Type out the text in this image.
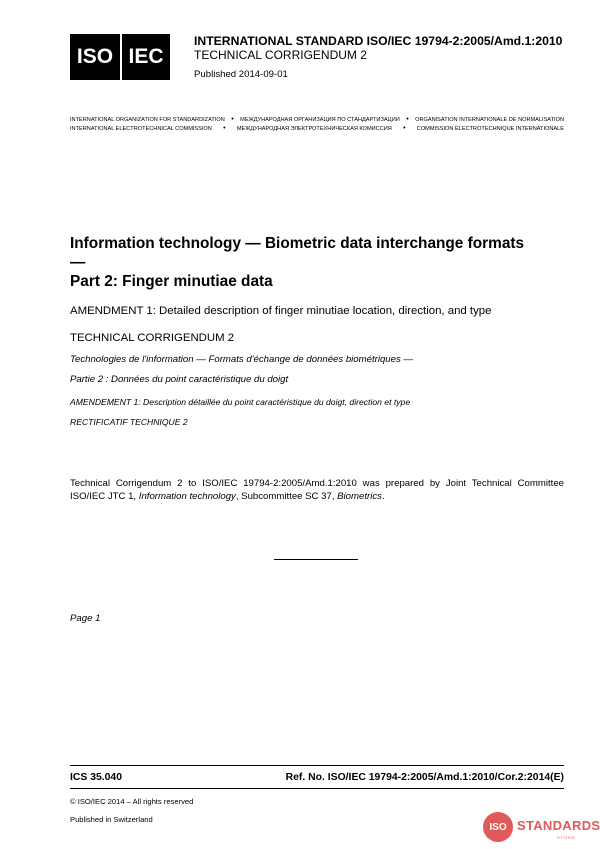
ISO IEC
INTERNATIONAL STANDARD ISO/IEC 19794-2:2005/Amd.1:2010
TECHNICAL CORRIGENDUM 2
Published 2014-09-01
INTERNATIONAL ORGANIZATION FOR STANDARDIZATION • МЕЖДУНАРОДНАЯ ОРГАНИЗАЦИЯ ПО СТАНДАРТИЗАЦИИ • ORGANISATION INTERNATIONALE DE NORMALISATION
INTERNATIONAL ELECTROTECHNICAL COMMISSION • МЕЖДУНАРОДНАЯ ЭЛЕКТРОТЕХНИЧЕСКАЯ КОМИССИЯ • COMMISSION ÉLECTROTECHNIQUE INTERNATIONALE
Information technology — Biometric data interchange formats —
Part 2: Finger minutiae data
AMENDMENT 1: Detailed description of finger minutiae location, direction, and type
TECHNICAL CORRIGENDUM 2
Technologies de l'information — Formats d'échange de données biométriques —
Partie 2 : Données du point caractéristique du doigt
AMENDEMENT 1: Description détaillée du point caractéristique du doigt, direction et type
RECTIFICATIF TECHNIQUE 2
Technical Corrigendum 2 to ISO/IEC 19794-2:2005/Amd.1:2010 was prepared by Joint Technical Committee ISO/IEC JTC 1, Information technology, Subcommittee SC 37, Biometrics.
Page 1
ICS 35.040	Ref. No. ISO/IEC 19794-2:2005/Amd.1:2010/Cor.2:2014(E)
© ISO/IEC 2014 – All rights reserved
Published in Switzerland
ISO STANDARDS
STORE
